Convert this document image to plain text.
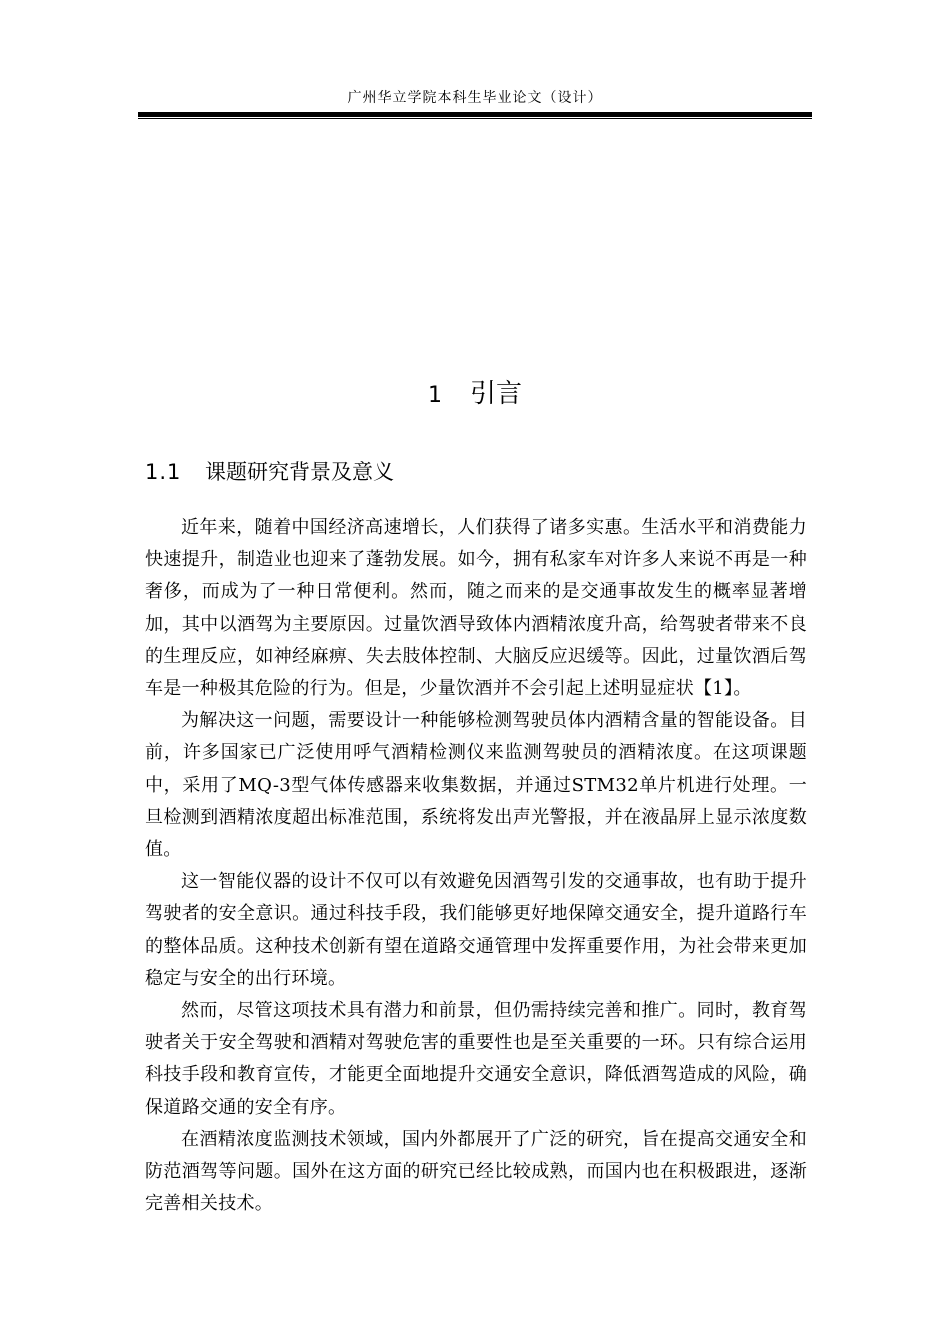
广州华立学院本科生毕业论文（设计）
1 引言
1.1 课题研究背景及意义

近年来，随着中国经济高速增长，人们获得了诸多实惠。生活水平和消费能力快速提升，制造业也迎来了蓬勃发展。如今，拥有私家车对许多人来说不再是一种奢侈，而成为了一种日常便利。然而，随之而来的是交通事故发生的概率显著增加，其中以酒驾为主要原因。过量饮酒导致体内酒精浓度升高，给驾驶者带来不良的生理反应，如神经麻痹、失去肢体控制、大脑反应迟缓等。因此，过量饮酒后驾车是一种极其危险的行为。但是，少量饮酒并不会引起上述明显症状【1】。

为解决这一问题，需要设计一种能够检测驾驶员体内酒精含量的智能设备。目前，许多国家已广泛使用呼气酒精检测仪来监测驾驶员的酒精浓度。在这项课题中，采用了MQ-3型气体传感器来收集数据，并通过STM32单片机进行处理。一旦检测到酒精浓度超出标准范围，系统将发出声光警报，并在液晶屏上显示浓度数值。

这一智能仪器的设计不仅可以有效避免因酒驾引发的交通事故，也有助于提升驾驶者的安全意识。通过科技手段，我们能够更好地保障交通安全，提升道路行车的整体品质。这种技术创新有望在道路交通管理中发挥重要作用，为社会带来更加稳定与安全的出行环境。

然而，尽管这项技术具有潜力和前景，但仍需持续完善和推广。同时，教育驾驶者关于安全驾驶和酒精对驾驶危害的重要性也是至关重要的一环。只有综合运用科技手段和教育宣传，才能更全面地提升交通安全意识，降低酒驾造成的风险，确保道路交通的安全有序。

在酒精浓度监测技术领域，国内外都展开了广泛的研究，旨在提高交通安全和防范酒驾等问题。国外在这方面的研究已经比较成熟，而国内也在积极跟进，逐渐完善相关技术。
